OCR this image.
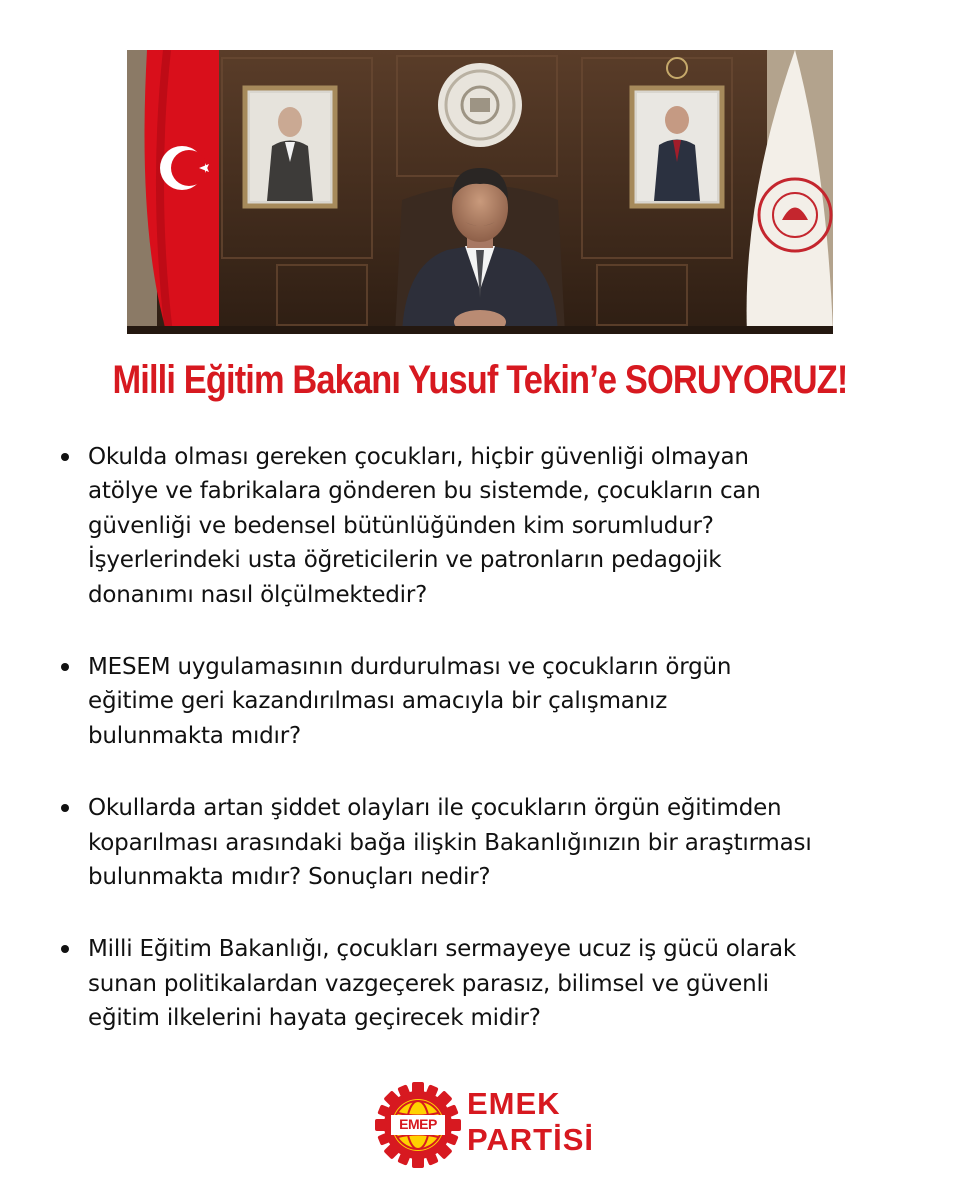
Milli Eğitim Bakanı Yusuf Tekin’e SORUYORUZ!
Okulda olması gereken çocukları, hiçbir güvenliği olmayan
atölye ve fabrikalara gönderen bu sistemde, çocukların can
güvenliği ve bedensel bütünlüğünden kim sorumludur?
İşyerlerindeki usta öğreticilerin ve patronların pedagojik
donanımı nasıl ölçülmektedir?
MESEM uygulamasının durdurulması ve çocukların örgün
eğitime geri kazandırılması amacıyla bir çalışmanız
bulunmakta mıdır?
Okullarda artan şiddet olayları ile çocukların örgün eğitimden
koparılması arasındaki bağa ilişkin Bakanlığınızın bir araştırması
bulunmakta mıdır? Sonuçları nedir?
Milli Eğitim Bakanlığı, çocukları sermayeye ucuz iş gücü olarak
sunan politikalardan vazgeçerek parasız, bilimsel ve güvenli
eğitim ilkelerini hayata geçirecek midir?
EMEP
EMEK
PARTİSİ
